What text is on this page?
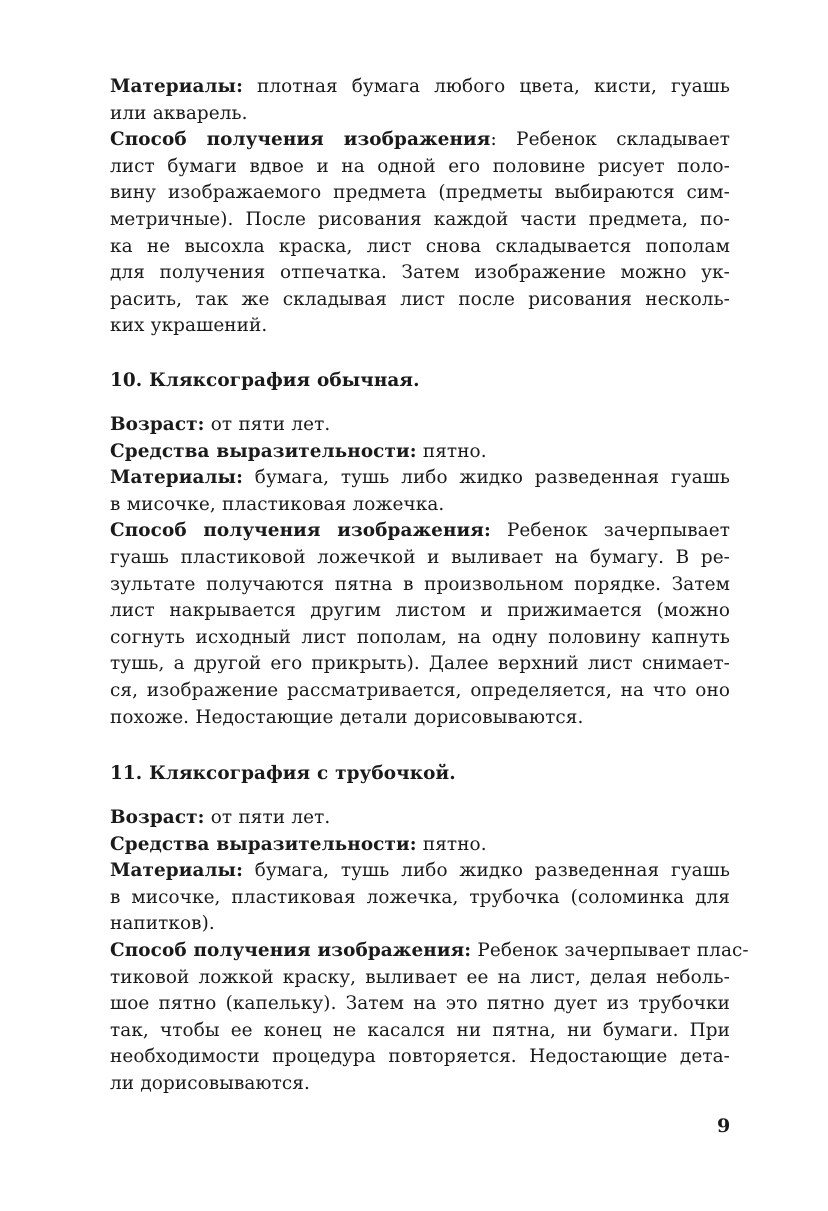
Материалы: плотная бумага любого цвета, кисти, гуашь
или акварель.
Способ получения изображения: Ребенок складывает
лист бумаги вдвое и на одной его половине рисует поло-
вину изображаемого предмета (предметы выбираются сим-
метричные). После рисования каждой части предмета, по-
ка не высохла краска, лист снова складывается пополам
для получения отпечатка. Затем изображение можно ук-
расить, так же складывая лист после рисования несколь-
ких украшений.
10. Кляксография обычная.
Возраст: от пяти лет.
Средства выразительности: пятно.
Материалы: бумага, тушь либо жидко разведенная гуашь
в мисочке, пластиковая ложечка.
Способ получения изображения: Ребенок зачерпывает
гуашь пластиковой ложечкой и выливает на бумагу. В ре-
зультате получаются пятна в произвольном порядке. Затем
лист накрывается другим листом и прижимается (можно
согнуть исходный лист пополам, на одну половину капнуть
тушь, а другой его прикрыть). Далее верхний лист снимает-
ся, изображение рассматривается, определяется, на что оно
похоже. Недостающие детали дорисовываются.
11. Кляксография с трубочкой.
Возраст: от пяти лет.
Средства выразительности: пятно.
Материалы: бумага, тушь либо жидко разведенная гуашь
в мисочке, пластиковая ложечка, трубочка (соломинка для
напитков).
Способ получения изображения: Ребенок зачерпывает плас-
тиковой ложкой краску, выливает ее на лист, делая неболь-
шое пятно (капельку). Затем на это пятно дует из трубочки
так, чтобы ее конец не касался ни пятна, ни бумаги. При
необходимости процедура повторяется. Недостающие дета-
ли дорисовываются.
9
